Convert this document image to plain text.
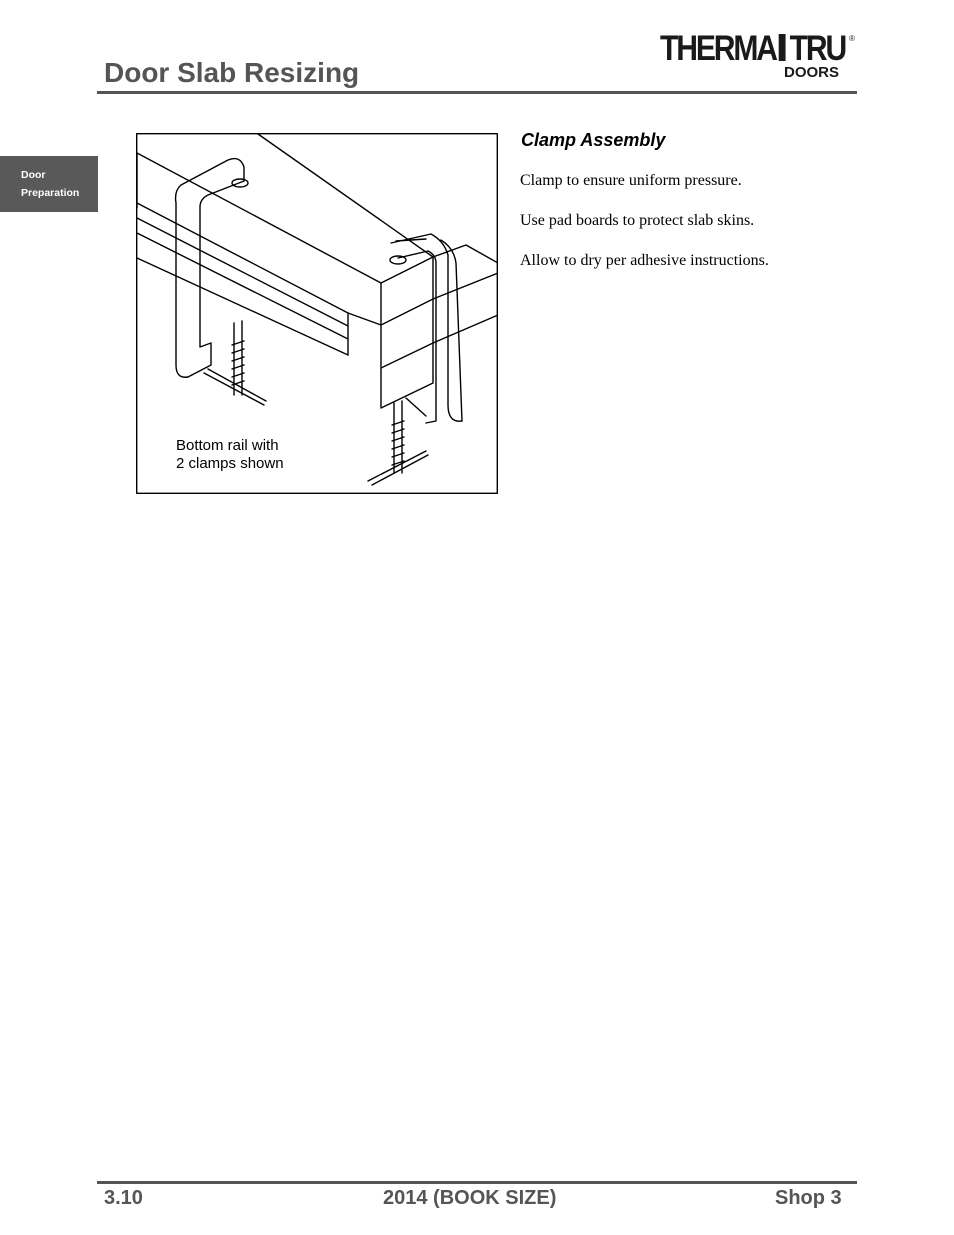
Door Slab Resizing
THERMA TRU ®
DOORS
Door
Preparation
Bottom rail with
2 clamps shown
Clamp Assembly
Clamp to ensure uniform pressure.
Use pad boards to protect slab skins.
Allow to dry per adhesive instructions.
3.10	2014 (BOOK SIZE)	Shop 3
